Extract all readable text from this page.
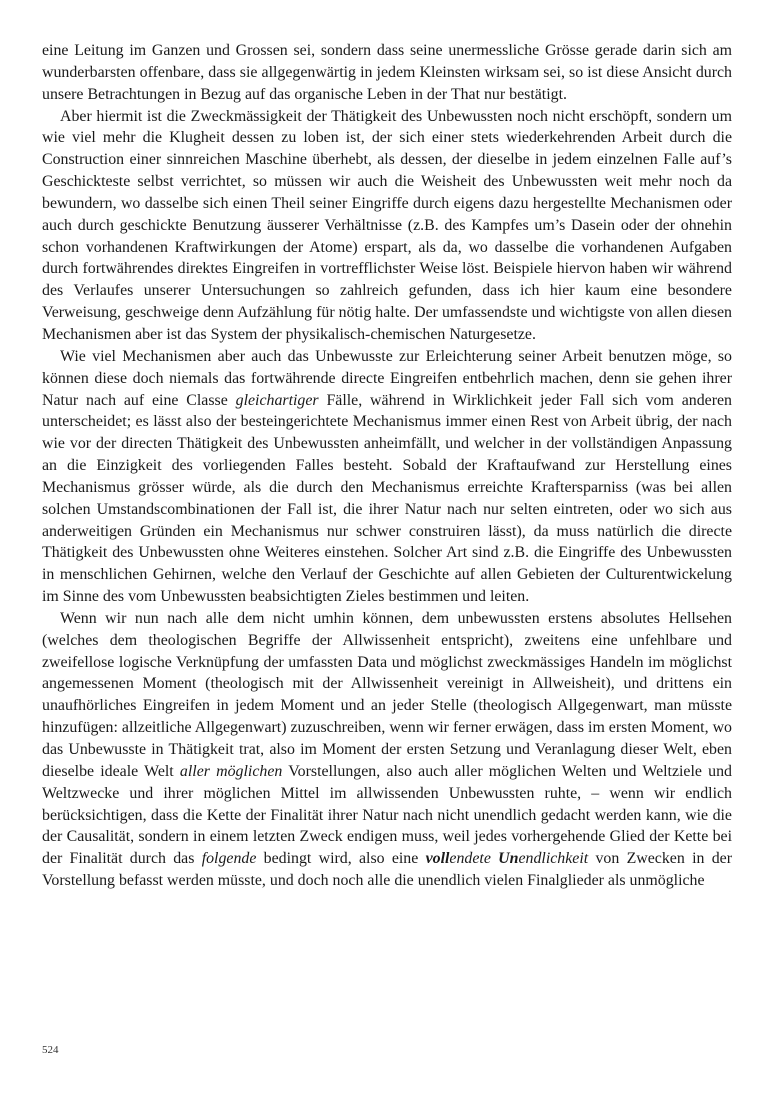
eine Leitung im Ganzen und Grossen sei, sondern dass seine unermessliche Grösse gerade darin sich am wunderbarsten offenbare, dass sie allgegenwärtig in jedem Kleinsten wirksam sei, so ist diese Ansicht durch unsere Betrachtungen in Bezug auf das organische Leben in der That nur bestätigt.

Aber hiermit ist die Zweckmässigkeit der Thätigkeit des Unbewussten noch nicht erschöpft, sondern um wie viel mehr die Klugheit dessen zu loben ist, der sich einer stets wiederkehrenden Arbeit durch die Construction einer sinnreichen Maschine überhebt, als dessen, der dieselbe in jedem einzelnen Falle auf’s Geschickteste selbst verrichtet, so müssen wir auch die Weisheit des Unbewussten weit mehr noch da bewundern, wo dasselbe sich einen Theil seiner Eingriffe durch eigens dazu hergestellte Mechanismen oder auch durch geschickte Benutzung äusserer Verhältnisse (z.B. des Kampfes um’s Dasein oder der ohnehin schon vorhandenen Kraftwirkungen der Atome) erspart, als da, wo dasselbe die vorhandenen Aufgaben durch fortwährendes direktes Eingreifen in vortrefflichster Weise löst. Beispiele hiervon haben wir während des Verlaufes unserer Untersuchungen so zahlreich gefunden, dass ich hier kaum eine besondere Verweisung, geschweige denn Aufzählung für nötig halte. Der umfassendste und wichtigste von allen diesen Mechanismen aber ist das System der physikalisch-chemischen Naturgesetze.

Wie viel Mechanismen aber auch das Unbewusste zur Erleichterung seiner Arbeit benutzen möge, so können diese doch niemals das fortwährende directe Eingreifen entbehrlich machen, denn sie gehen ihrer Natur nach auf eine Classe gleichartiger Fälle, während in Wirklichkeit jeder Fall sich vom anderen unterscheidet; es lässt also der besteingerichtete Mechanismus immer einen Rest von Arbeit übrig, der nach wie vor der directen Thätigkeit des Unbewussten anheimfällt, und welcher in der vollständigen Anpassung an die Einzigkeit des vorliegenden Falles besteht. Sobald der Kraftaufwand zur Herstellung eines Mechanismus grösser würde, als die durch den Mechanismus erreichte Kraftersparniss (was bei allen solchen Umstandscombinationen der Fall ist, die ihrer Natur nach nur selten eintreten, oder wo sich aus anderweitigen Gründen ein Mechanismus nur schwer construiren lässt), da muss natürlich die directe Thätigkeit des Unbewussten ohne Weiteres einstehen. Solcher Art sind z.B. die Eingriffe des Unbewussten in menschlichen Gehirnen, welche den Verlauf der Geschichte auf allen Gebieten der Culturentwickelung im Sinne des vom Unbewussten beabsichtigten Zieles bestimmen und leiten.

Wenn wir nun nach alle dem nicht umhin können, dem unbewussten erstens absolutes Hellsehen (welches dem theologischen Begriffe der Allwissenheit entspricht), zweitens eine unfehlbare und zweifellose logische Verknüpfung der umfassten Data und möglichst zweckmässiges Handeln im möglichst angemessenen Moment (theologisch mit der Allwissenheit vereinigt in Allweisheit), und drittens ein unaufhörliches Eingreifen in jedem Moment und an jeder Stelle (theologisch Allgegenwart, man müsste hinzufügen: allzeitliche Allgegenwart) zuzuschreiben, wenn wir ferner erwägen, dass im ersten Moment, wo das Unbewusste in Thätigkeit trat, also im Moment der ersten Setzung und Veranlagung dieser Welt, eben dieselbe ideale Welt aller möglichen Vorstellungen, also auch aller möglichen Welten und Weltziele und Weltzwecke und ihrer möglichen Mittel im allwissenden Unbewussten ruhte, – wenn wir endlich berücksichtigen, dass die Kette der Finalität ihrer Natur nach nicht unendlich gedacht werden kann, wie die der Causalität, sondern in einem letzten Zweck endigen muss, weil jedes vorhergehende Glied der Kette bei der Finalität durch das folgende bedingt wird, also eine vollendete Unendlichkeit von Zwecken in der Vorstellung befasst werden müsste, und doch noch alle die unendlich vielen Finalglieder als unmögliche

524
